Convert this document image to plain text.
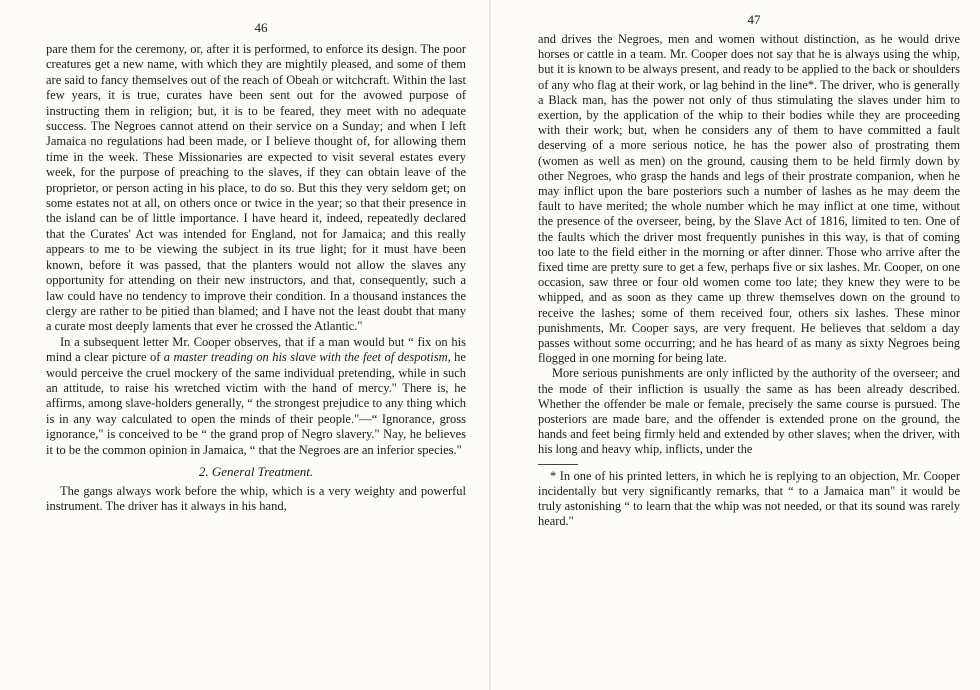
46

pare them for the ceremony, or, after it is performed, to enforce its design. The poor creatures get a new name, with which they are mightily pleased, and some of them are said to fancy themselves out of the reach of Obeah or witchcraft. Within the last few years, it is true, curates have been sent out for the avowed purpose of instructing them in religion; but, it is to be feared, they meet with no adequate success. The Negroes cannot attend on their service on a Sunday; and when I left Jamaica no regulations had been made, or I believe thought of, for allowing them time in the week. These Missionaries are expected to visit several estates every week, for the purpose of preaching to the slaves, if they can obtain leave of the proprietor, or person acting in his place, to do so. But this they very seldom get; on some estates not at all, on others once or twice in the year; so that their presence in the island can be of little importance. I have heard it, indeed, repeatedly declared that the Curates' Act was intended for England, not for Jamaica; and this really appears to me to be viewing the subject in its true light; for it must have been known, before it was passed, that the planters would not allow the slaves any opportunity for attending on their new instructors, and that, consequently, such a law could have no tendency to improve their condition. In a thousand instances the clergy are rather to be pitied than blamed; and I have not the least doubt that many a curate most deeply laments that ever he crossed the Atlantic."

In a subsequent letter Mr. Cooper observes, that if a man would but “ fix on his mind a clear picture of a master treading on his slave with the feet of despotism, he would perceive the cruel mockery of the same individual pretending, while in such an attitude, to raise his wretched victim with the hand of mercy." There is, he affirms, among slave-holders generally, “ the strongest prejudice to any thing which is in any way calculated to open the minds of their people."—“ Ignorance, gross ignorance," is conceived to be “ the grand prop of Negro slavery." Nay, he believes it to be the common opinion in Jamaica, “ that the Negroes are an inferior species."

2. General Treatment.

The gangs always work before the whip, which is a very weighty and powerful instrument. The driver has it always in his hand,

47

and drives the Negroes, men and women without distinction, as he would drive horses or cattle in a team. Mr. Cooper does not say that he is always using the whip, but it is known to be always present, and ready to be applied to the back or shoulders of any who flag at their work, or lag behind in the line*. The driver, who is generally a Black man, has the power not only of thus stimulating the slaves under him to exertion, by the application of the whip to their bodies while they are proceeding with their work; but, when he considers any of them to have committed a fault deserving of a more serious notice, he has the power also of prostrating them (women as well as men) on the ground, causing them to be held firmly down by other Negroes, who grasp the hands and legs of their prostrate companion, when he may inflict upon the bare posteriors such a number of lashes as he may deem the fault to have merited; the whole number which he may inflict at one time, without the presence of the overseer, being, by the Slave Act of 1816, limited to ten. One of the faults which the driver most frequently punishes in this way, is that of coming too late to the field either in the morning or after dinner. Those who arrive after the fixed time are pretty sure to get a few, perhaps five or six lashes. Mr. Cooper, on one occasion, saw three or four old women come too late; they knew they were to be whipped, and as soon as they came up threw themselves down on the ground to receive the lashes; some of them received four, others six lashes. These minor punishments, Mr. Cooper says, are very frequent. He believes that seldom a day passes without some occurring; and he has heard of as many as sixty Negroes being flogged in one morning for being late.

More serious punishments are only inflicted by the authority of the overseer; and the mode of their infliction is usually the same as has been already described. Whether the offender be male or female, precisely the same course is pursued. The posteriors are made bare, and the offender is extended prone on the ground, the hands and feet being firmly held and extended by other slaves; when the driver, with his long and heavy whip, inflicts, under the

* In one of his printed letters, in which he is replying to an objection, Mr. Cooper incidentally but very significantly remarks, that “ to a Jamaica man" it would be truly astonishing “ to learn that the whip was not needed, or that its sound was rarely heard."
